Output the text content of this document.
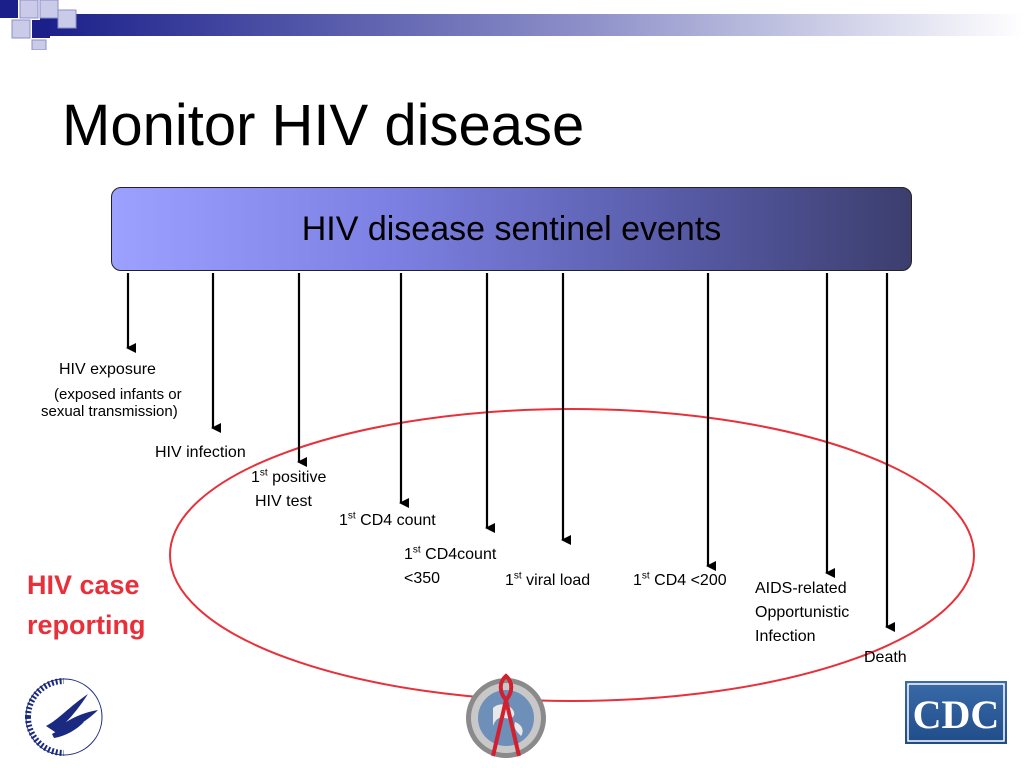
Monitor HIV disease
HIV disease sentinel events
HIV exposure
(exposed infants or
sexual transmission)
HIV infection
1st positive
HIV test
1st CD4 count
1st CD4count
<350	1st viral load	1st CD4 <200 AIDS-related
Opportunistic
Infection
Death
HIV case
reporting
CDC
